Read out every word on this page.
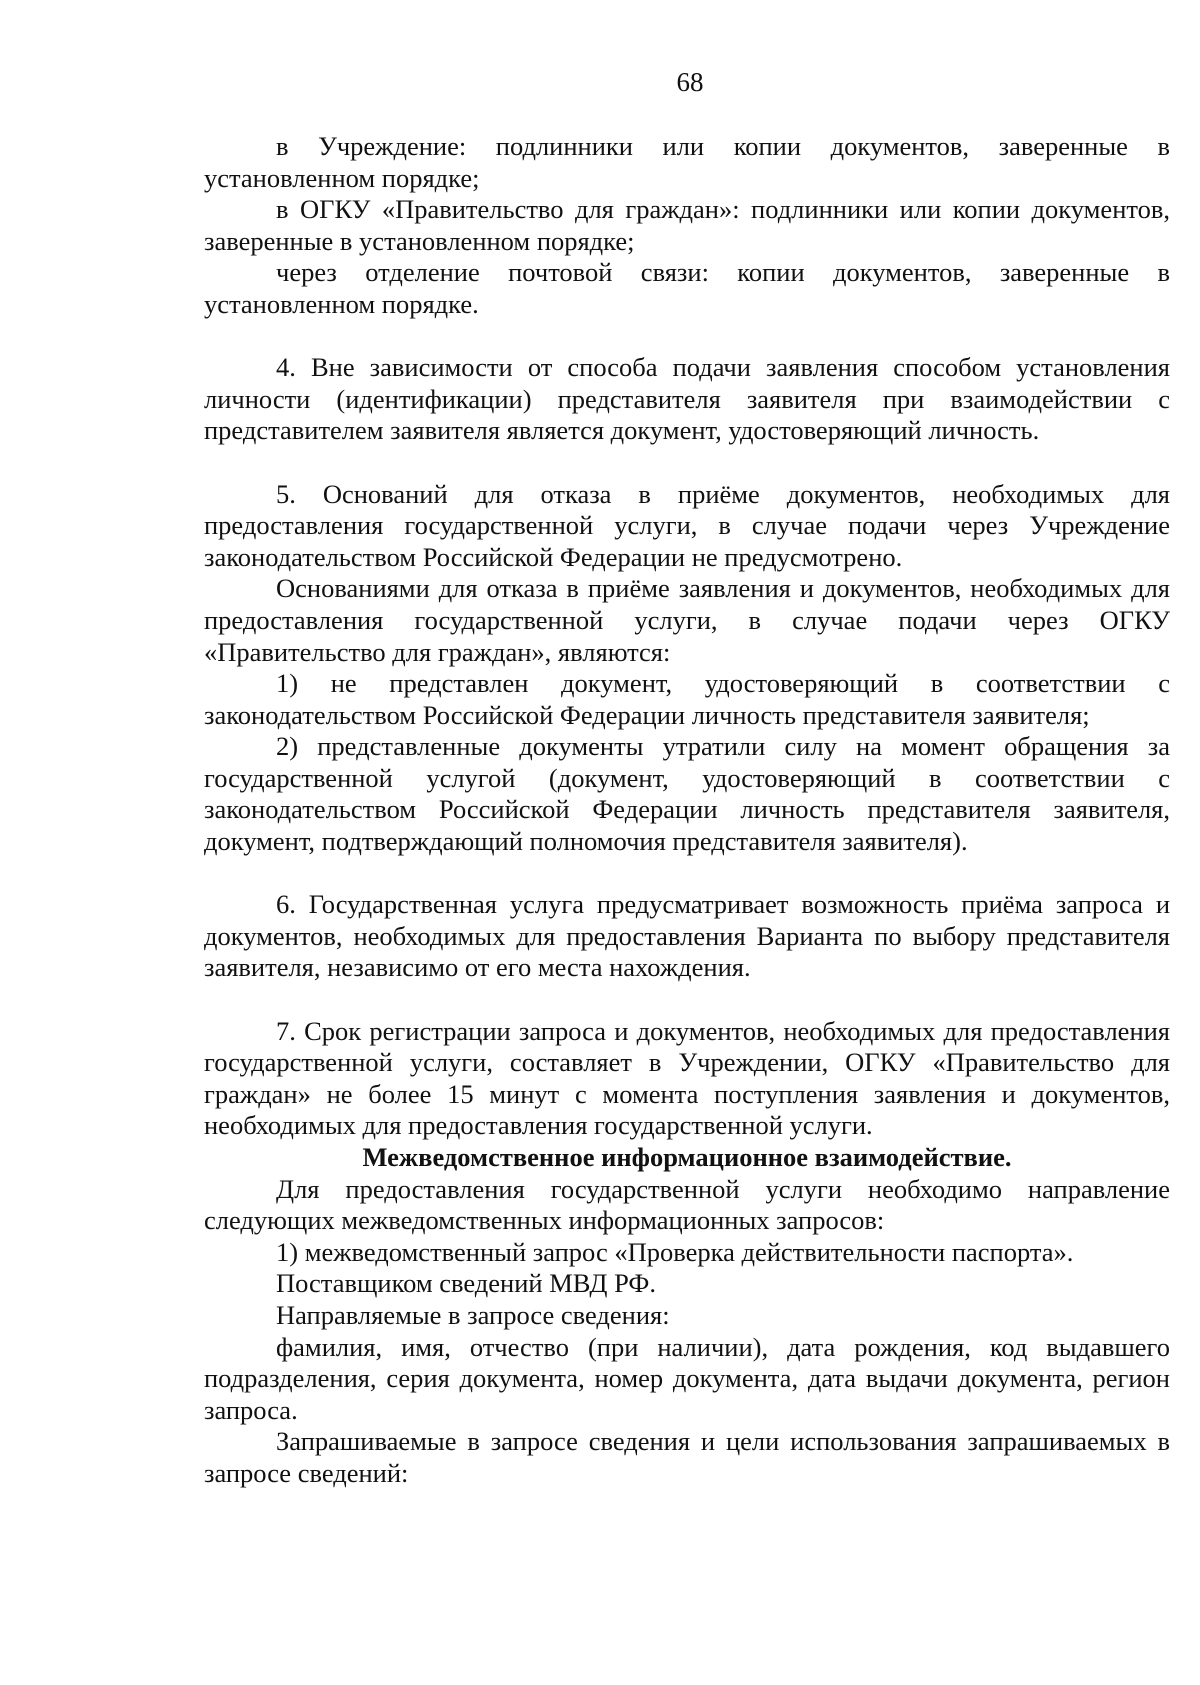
68

в Учреждение: подлинники или копии документов, заверенные в установленном порядке;

в ОГКУ «Правительство для граждан»: подлинники или копии документов, заверенные в установленном порядке;

через отделение почтовой связи: копии документов, заверенные в установленном порядке.

4. Вне зависимости от способа подачи заявления способом установления личности (идентификации) представителя заявителя при взаимодействии с представителем заявителя является документ, удостоверяющий личность.

5. Оснований для отказа в приёме документов, необходимых для предоставления государственной услуги, в случае подачи через Учреждение законодательством Российской Федерации не предусмотрено.

Основаниями для отказа в приёме заявления и документов, необходимых для предоставления государственной услуги, в случае подачи через ОГКУ «Правительство для граждан», являются:

1) не представлен документ, удостоверяющий в соответствии с законодательством Российской Федерации личность представителя заявителя;

2) представленные документы утратили силу на момент обращения за государственной услугой (документ, удостоверяющий в соответствии с законодательством Российской Федерации личность представителя заявителя, документ, подтверждающий полномочия представителя заявителя).

6. Государственная услуга предусматривает возможность приёма запроса и документов, необходимых для предоставления Варианта по выбору представителя заявителя, независимо от его места нахождения.

7. Срок регистрации запроса и документов, необходимых для предоставления государственной услуги, составляет в Учреждении, ОГКУ «Правительство для граждан» не более 15 минут с момента поступления заявления и документов, необходимых для предоставления государственной услуги.

Межведомственное информационное взаимодействие.

Для предоставления государственной услуги необходимо направление следующих межведомственных информационных запросов:

1) межведомственный запрос «Проверка действительности паспорта».

Поставщиком сведений МВД РФ.

Направляемые в запросе сведения:

фамилия, имя, отчество (при наличии), дата рождения, код выдавшего подразделения, серия документа, номер документа, дата выдачи документа, регион запроса.

Запрашиваемые в запросе сведения и цели использования запрашиваемых в запросе сведений:
